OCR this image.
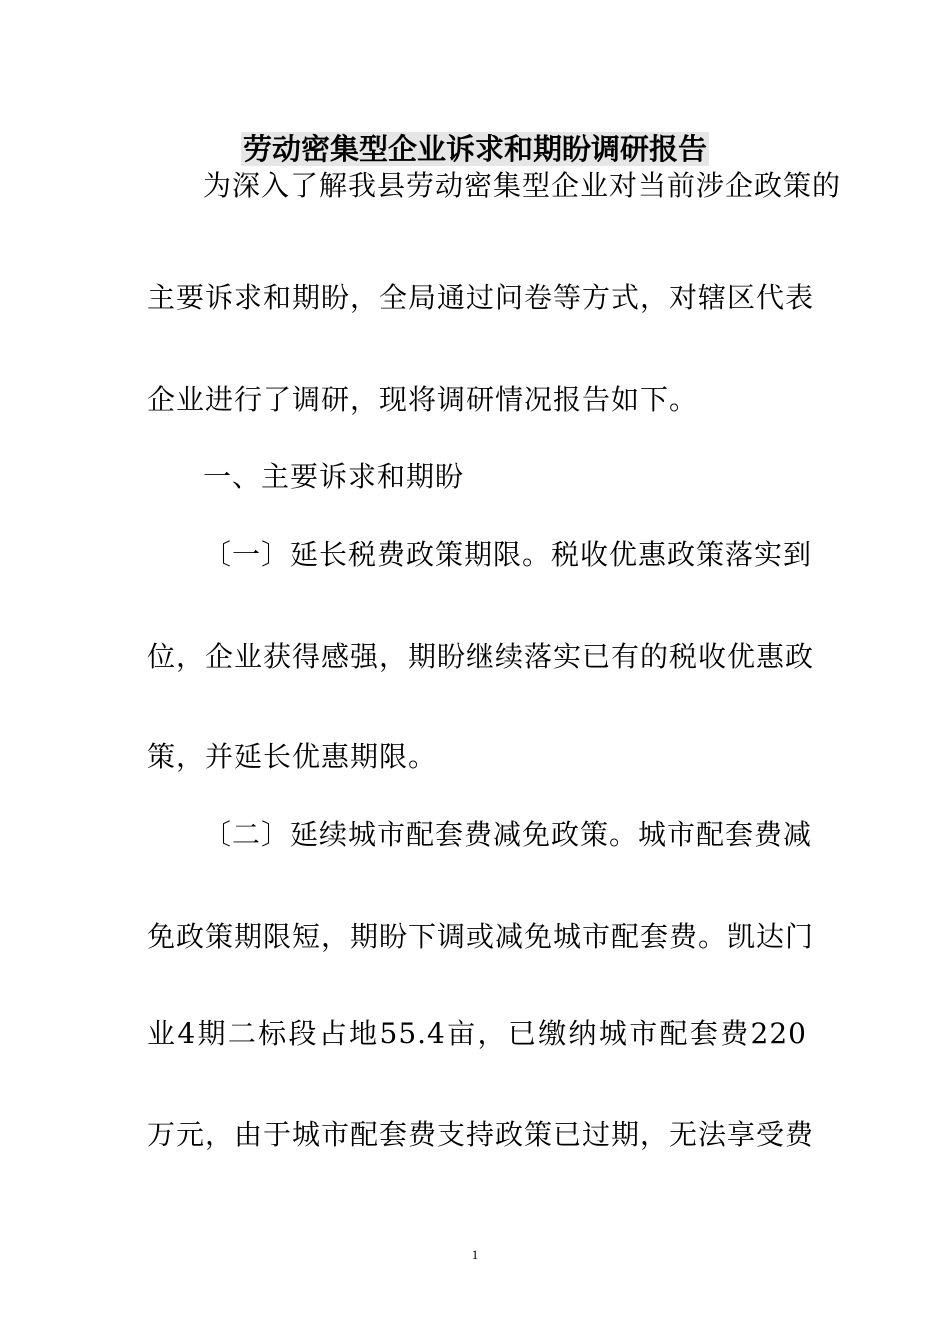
劳动密集型企业诉求和期盼调研报告

为深入了解我县劳动密集型企业对当前涉企政策的

主要诉求和期盼，全局通过问卷等方式，对辖区代表

企业进行了调研，现将调研情况报告如下。

一、主要诉求和期盼

〔一〕延长税费政策期限。税收优惠政策落实到

位，企业获得感强，期盼继续落实已有的税收优惠政

策，并延长优惠期限。

〔二〕延续城市配套费减免政策。城市配套费减

免政策期限短，期盼下调或减免城市配套费。凯达门

业4期二标段占地55.4亩，已缴纳城市配套费220

万元，由于城市配套费支持政策已过期，无法享受费

1
